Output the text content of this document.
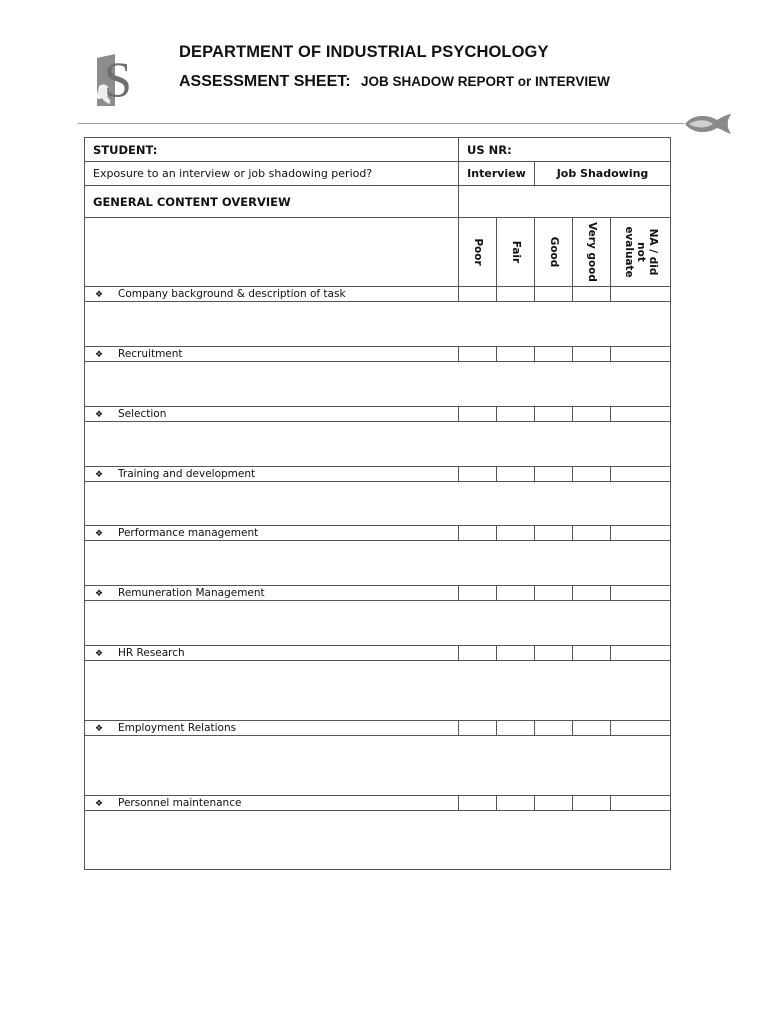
S	DEPARTMENT OF INDUSTRIAL PSYCHOLOGY
ASSESSMENT SHEET: JOB SHADOW REPORT or INTERVIEW
STUDENT:	US NR:				
Exposure to an interview or job shadowing period?	Interview		Job Shadowing		
GENERAL CONTENT OVERVIEW					

	Poor	Fair	Good	Very good	NA / did not evaluate

❖ Company background & description of task					

❖ Recruitment					

❖ Selection					

❖ Training and development					

❖ Performance management					

❖ Remuneration Management					

❖ HR Research					

❖ Employment Relations					

❖ Personnel maintenance					
